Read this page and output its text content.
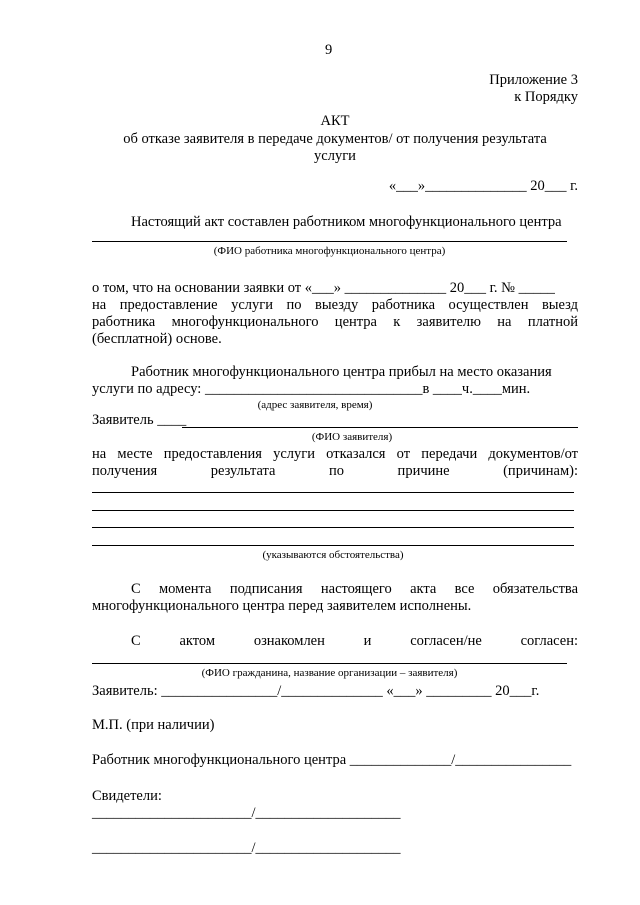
9
Приложение 3
к Порядку
АКТ
об отказе заявителя в передаче документов/ от получения результата
услуги
«___»______________ 20___ г.
Настоящий акт составлен работником многофункционального центра
(ФИО работника многофункционального центра)
о том, что на основании заявки от «___» ______________ 20___ г. № _____
на предоставление услуги по выезду работника осуществлен выезд
работника многофункционального центра к заявителю на платной
(бесплатной) основе.
Работник многофункционального центра прибыл на место оказания
услуги по адресу: ______________________________в ____ч.____мин.
(адрес заявителя, время)
Заявитель ____
(ФИО заявителя)
на месте предоставления услуги отказался от передачи документов/от
получения результата по причине (причинам):
(указываются обстоятельства)
С момента подписания настоящего акта все обязательства
многофункционального центра перед заявителем исполнены.
С актом ознакомлен и согласен/не согласен:
(ФИО гражданина, название организации – заявителя)
Заявитель: ________________/______________ «___» _________ 20___г.
М.П. (при наличии)
Работник многофункционального центра ______________/________________
Свидетели:
______________________/____________________
______________________/____________________
